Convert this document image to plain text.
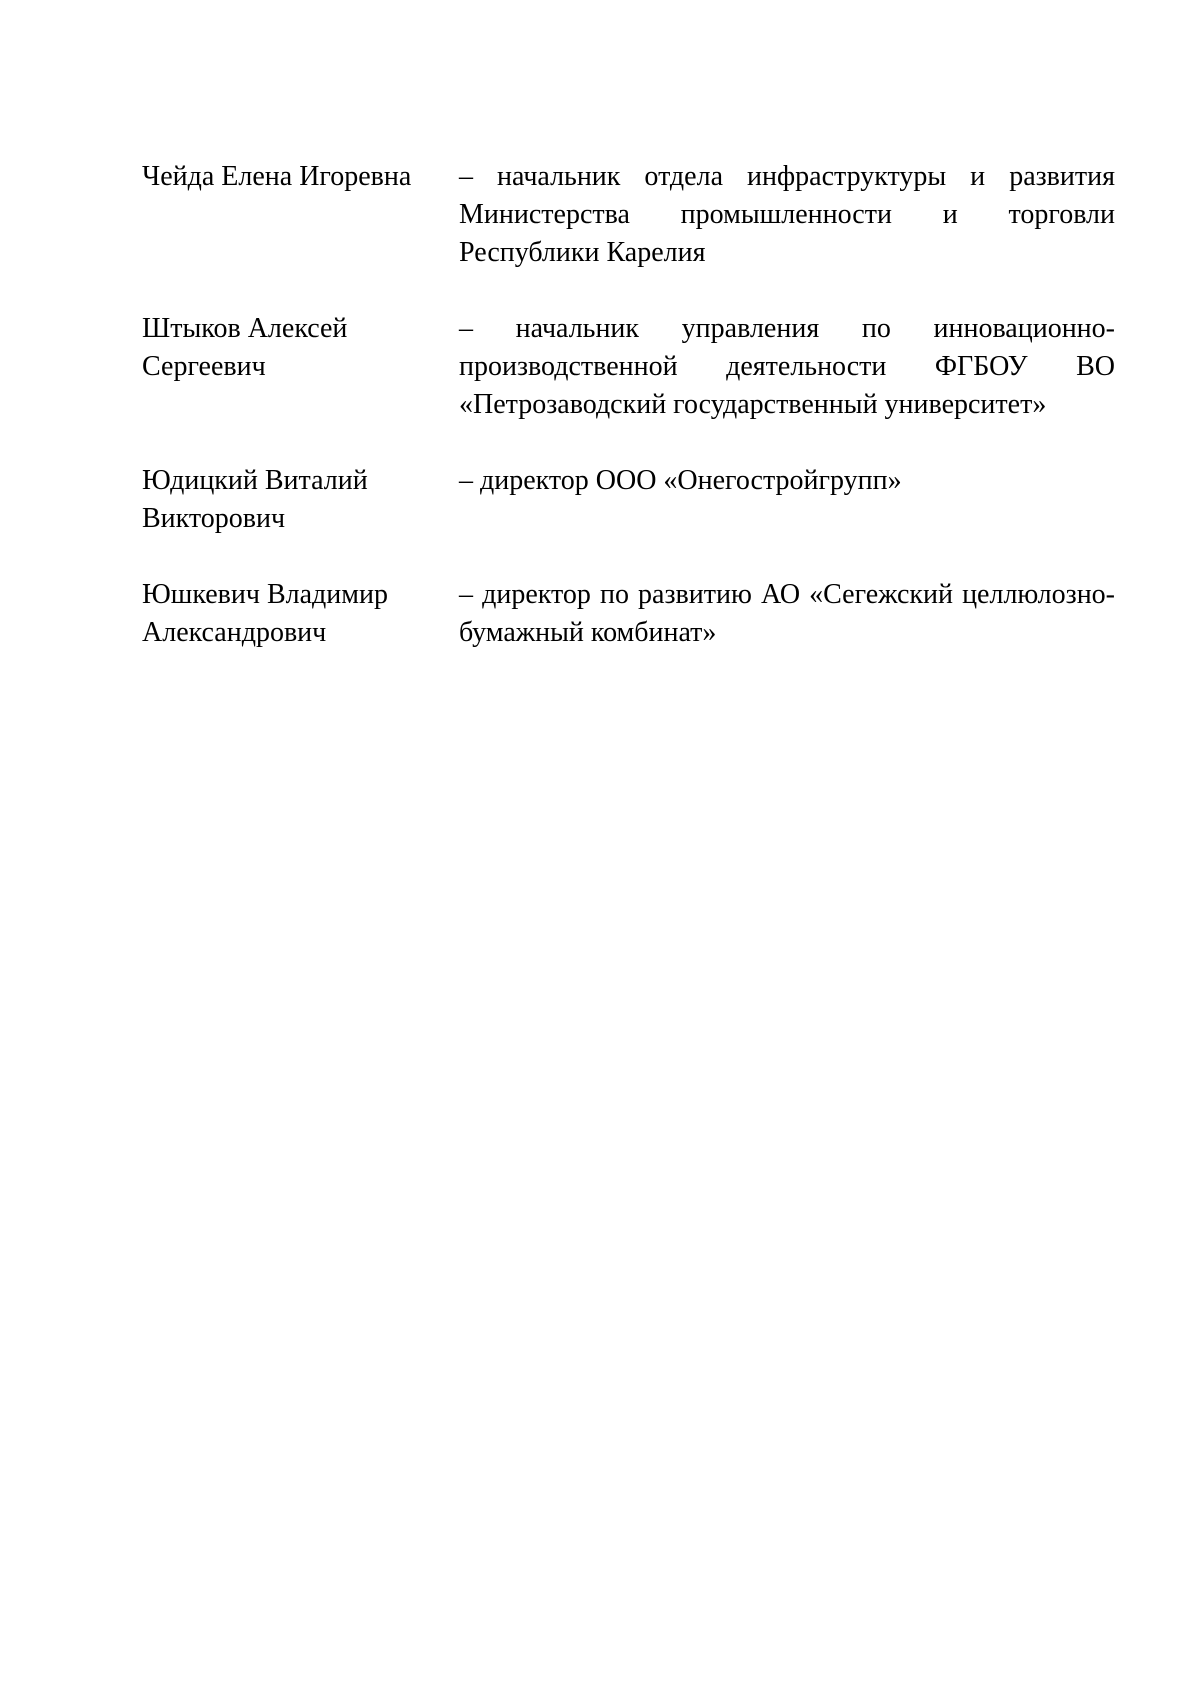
Чейда Елена Игоревна	– начальник отдела инфраструктуры и развития Министерства промышленности и торговли Республики Карелия
Штыков Алексей Сергеевич
– начальник управления по инновационно-производственной деятельности ФГБОУ ВО «Петрозаводский государственный университет»
Юдицкий Виталий Викторович
– директор ООО «Онегостройгрупп»
Юшкевич Владимир Александрович
– директор по развитию АО «Сегежский целлюлозно-бумажный комбинат»
